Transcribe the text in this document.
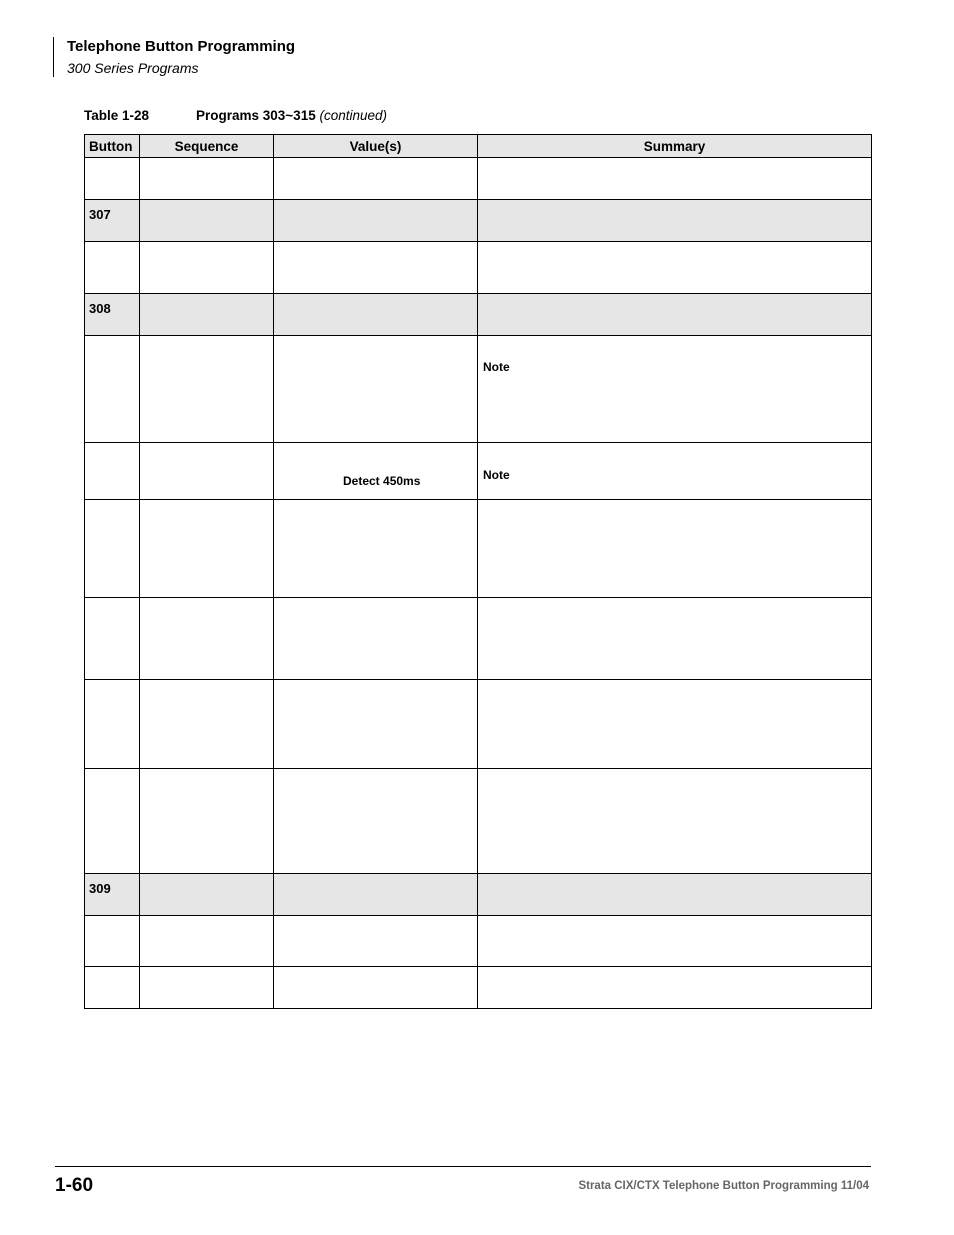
Telephone Button Programming
300 Series Programs
Table 1-28	Programs 303~315 (continued)
Button	Sequence	Value(s)	Summary

307			

308			

			Note

		Detect 450ms	Note

309			

1-60	Strata CIX/CTX Telephone Button Programming 11/04
